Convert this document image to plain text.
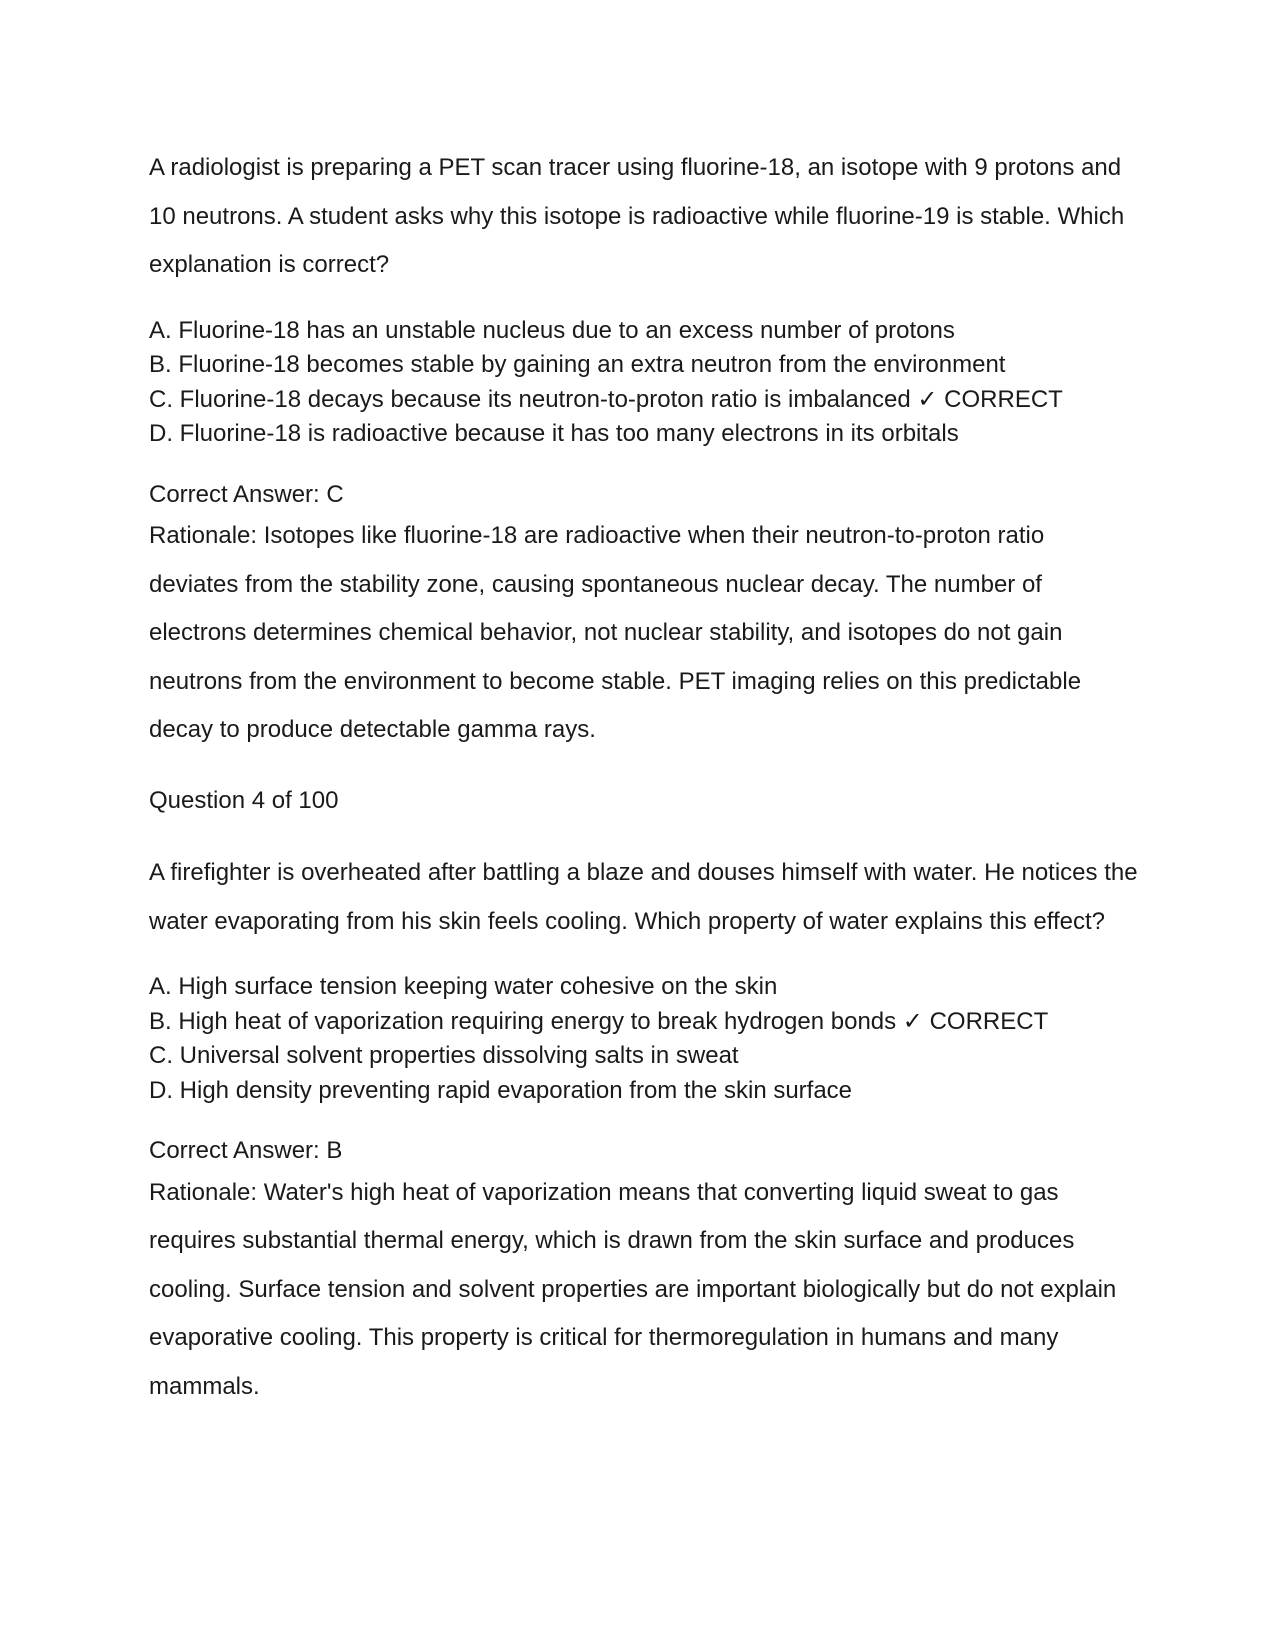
A radiologist is preparing a PET scan tracer using fluorine-18, an isotope with 9 protons and 10 neutrons. A student asks why this isotope is radioactive while fluorine-19 is stable. Which explanation is correct?

A. Fluorine-18 has an unstable nucleus due to an excess number of protons
B. Fluorine-18 becomes stable by gaining an extra neutron from the environment
C. Fluorine-18 decays because its neutron-to-proton ratio is imbalanced ✓ CORRECT
D. Fluorine-18 is radioactive because it has too many electrons in its orbitals

Correct Answer: C

Rationale: Isotopes like fluorine-18 are radioactive when their neutron-to-proton ratio deviates from the stability zone, causing spontaneous nuclear decay. The number of electrons determines chemical behavior, not nuclear stability, and isotopes do not gain neutrons from the environment to become stable. PET imaging relies on this predictable decay to produce detectable gamma rays.

Question 4 of 100

A firefighter is overheated after battling a blaze and douses himself with water. He notices the water evaporating from his skin feels cooling. Which property of water explains this effect?

A. High surface tension keeping water cohesive on the skin
B. High heat of vaporization requiring energy to break hydrogen bonds ✓ CORRECT
C. Universal solvent properties dissolving salts in sweat
D. High density preventing rapid evaporation from the skin surface

Correct Answer: B

Rationale: Water's high heat of vaporization means that converting liquid sweat to gas requires substantial thermal energy, which is drawn from the skin surface and produces cooling. Surface tension and solvent properties are important biologically but do not explain evaporative cooling. This property is critical for thermoregulation in humans and many mammals.
